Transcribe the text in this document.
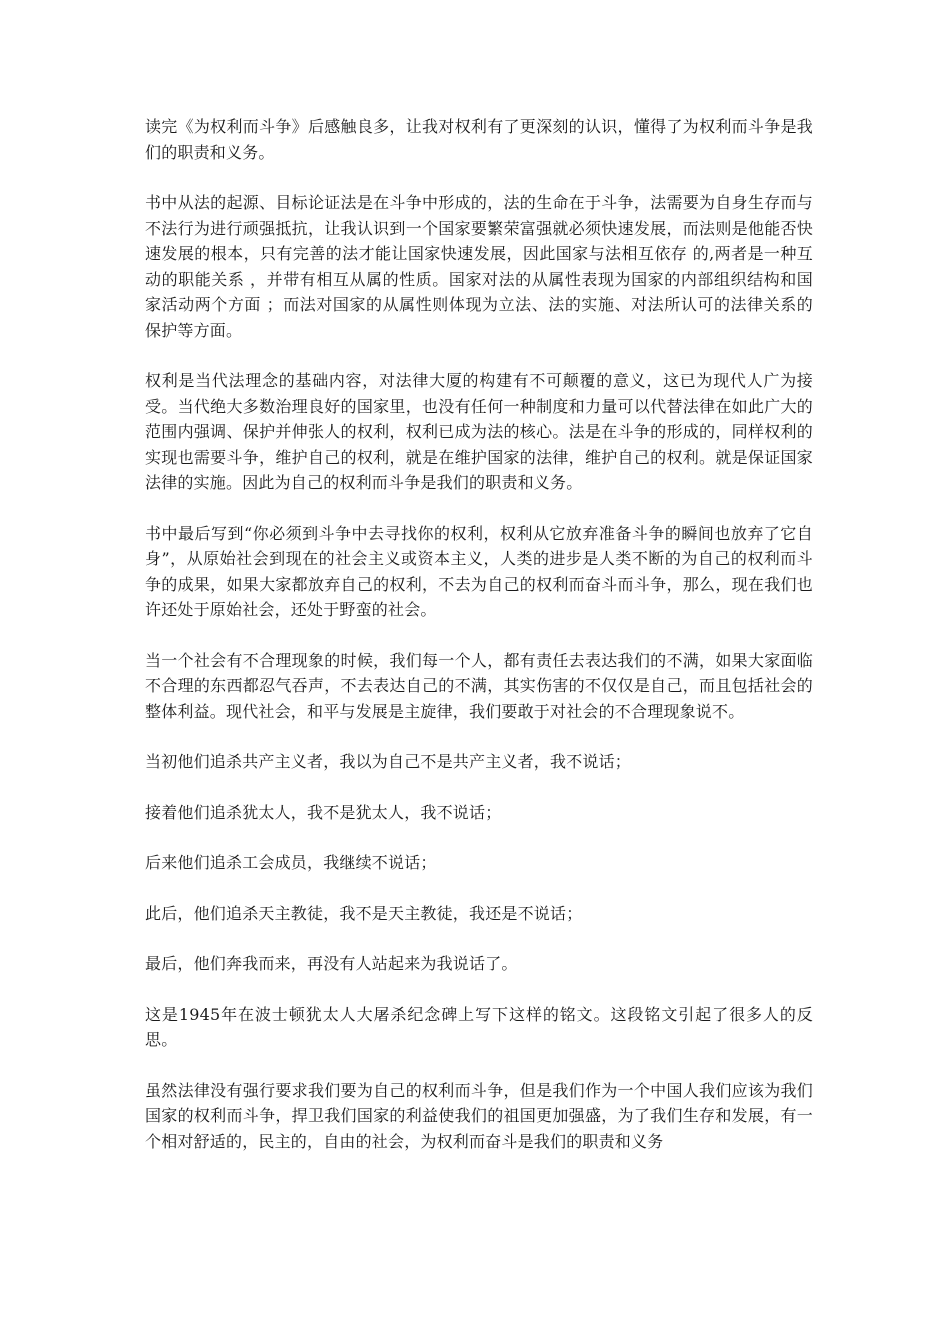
读完《为权利而斗争》后感触良多，让我对权利有了更深刻的认识，懂得了为权利而斗争是我们的职责和义务。

书中从法的起源、目标论证法是在斗争中形成的，法的生命在于斗争，法需要为自身生存而与不法行为进行顽强抵抗，让我认识到一个国家要繁荣富强就必须快速发展，而法则是他能否快速发展的根本，只有完善的法才能让国家快速发展，因此国家与法相互依存 的,两者是一种互动的职能关系 ，并带有相互从属的性质。国家对法的从属性表现为国家的内部组织结构和国家活动两个方面 ；而法对国家的从属性则体现为立法、法的实施、对法所认可的法律关系的保护等方面。

权利是当代法理念的基础内容，对法律大厦的构建有不可颠覆的意义，这已为现代人广为接受。当代绝大多数治理良好的国家里，也没有任何一种制度和力量可以代替法律在如此广大的范围内强调、保护并伸张人的权利，权利已成为法的核心。法是在斗争的形成的，同样权利的实现也需要斗争，维护自己的权利，就是在维护国家的法律，维护自己的权利。就是保证国家法律的实施。因此为自己的权利而斗争是我们的职责和义务。

书中最后写到“你必须到斗争中去寻找你的权利，权利从它放弃准备斗争的瞬间也放弃了它自身”，从原始社会到现在的社会主义或资本主义，人类的进步是人类不断的为自己的权利而斗争的成果，如果大家都放弃自己的权利，不去为自己的权利而奋斗而斗争，那么，现在我们也许还处于原始社会，还处于野蛮的社会。

当一个社会有不合理现象的时候，我们每一个人，都有责任去表达我们的不满，如果大家面临不合理的东西都忍气吞声，不去表达自己的不满，其实伤害的不仅仅是自己，而且包括社会的整体利益。现代社会，和平与发展是主旋律，我们要敢于对社会的不合理现象说不。

当初他们追杀共产主义者，我以为自己不是共产主义者，我不说话；

接着他们追杀犹太人，我不是犹太人，我不说话；

后来他们追杀工会成员，我继续不说话；

此后，他们追杀天主教徒，我不是天主教徒，我还是不说话；

最后，他们奔我而来，再没有人站起来为我说话了。

这是1945年在波士顿犹太人大屠杀纪念碑上写下这样的铭文。这段铭文引起了很多人的反思。

虽然法律没有强行要求我们要为自己的权利而斗争，但是我们作为一个中国人我们应该为我们国家的权利而斗争，捍卫我们国家的利益使我们的祖国更加强盛，为了我们生存和发展，有一个相对舒适的，民主的，自由的社会，为权利而奋斗是我们的职责和义务
